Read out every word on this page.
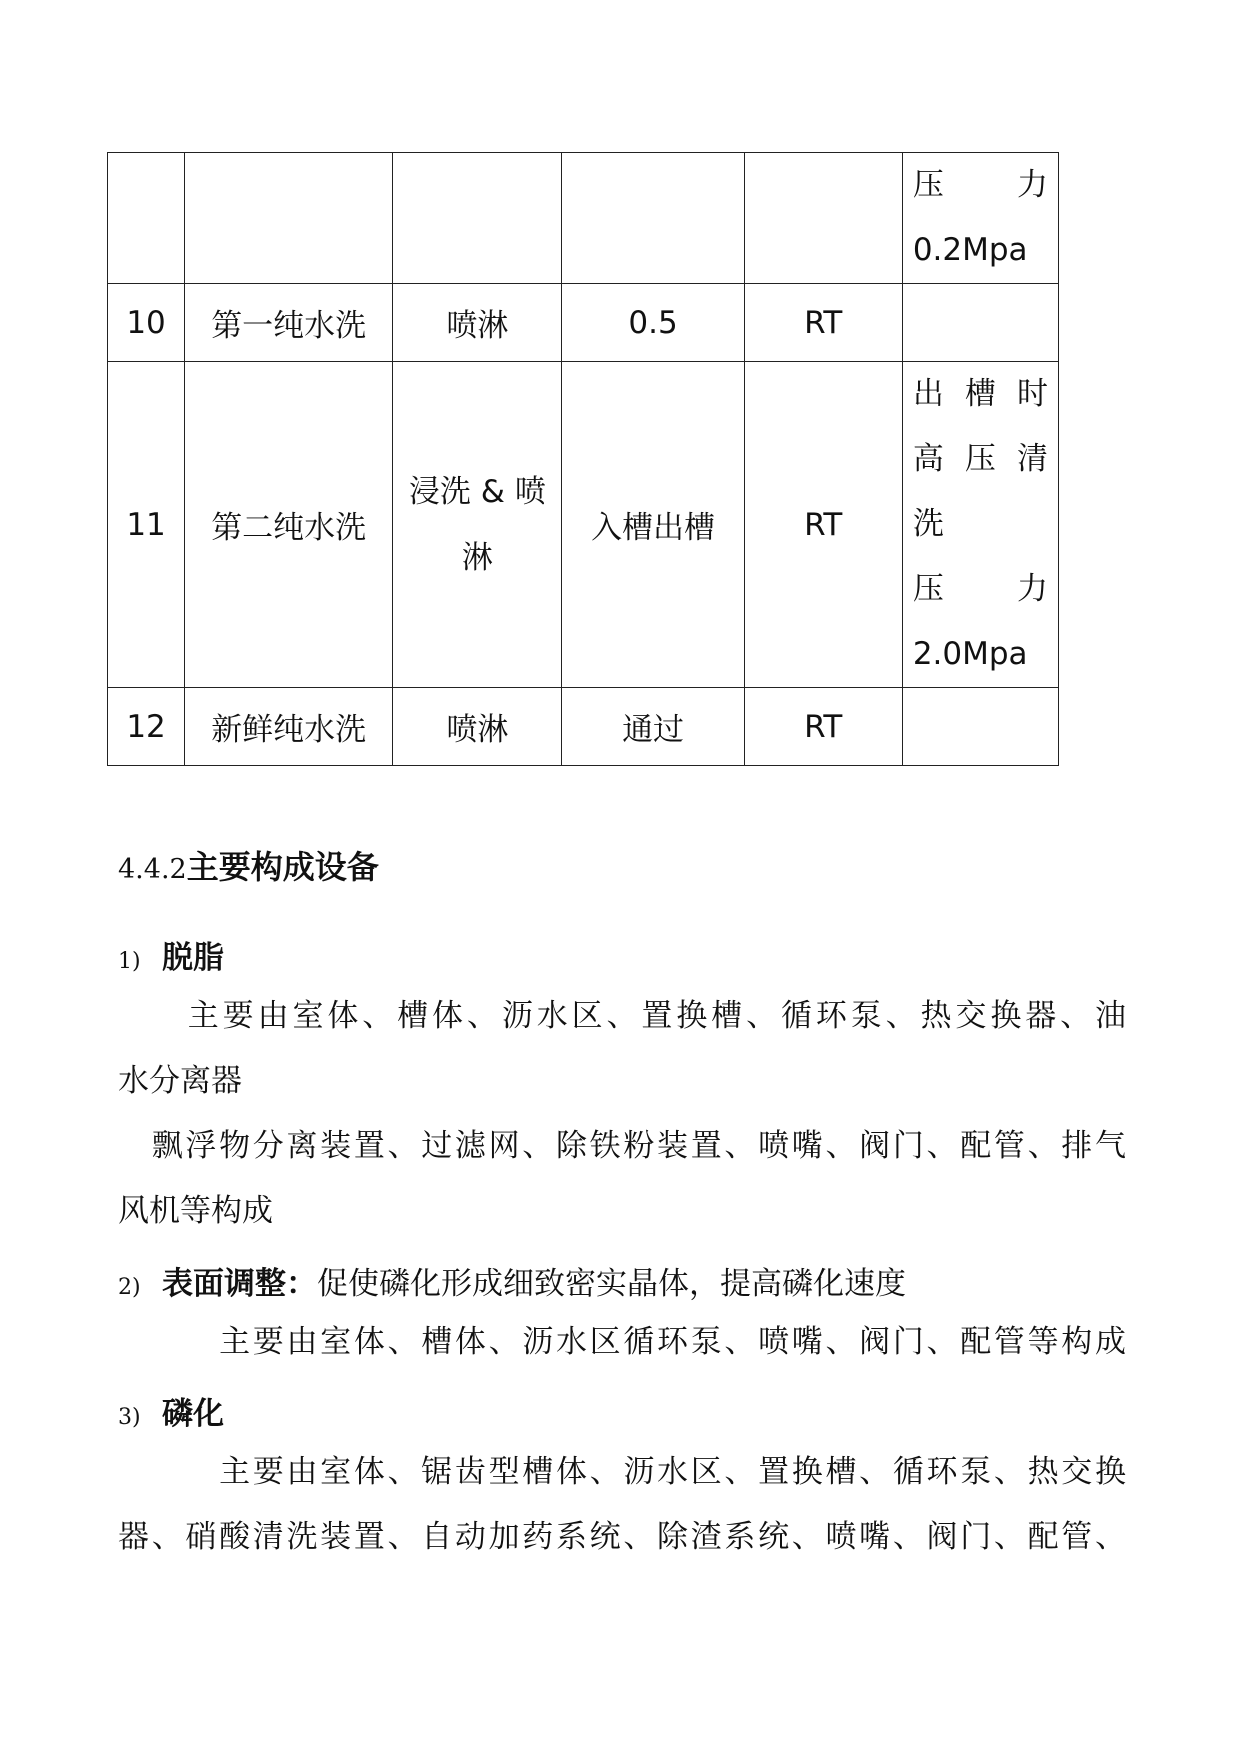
					压　　力
0.2Mpa

10	第一纯水洗	喷淋	0.5	RT	
11	第二纯水洗	浸洗 & 喷淋	入槽出槽	RT	出槽时
高压清
洗
压　　力
2.0Mpa

12	新鲜纯水洗	喷淋	通过	RT	
4.4.2主要构成设备
1) 脱脂
　　主要由室体、槽体、沥水区、置换槽、循环泵、热交换器、油
水分离器
　飘浮物分离装置、过滤网、除铁粉装置、喷嘴、阀门、配管、排气
风机等构成
2) 表面调整：促使磷化形成细致密实晶体，提高磷化速度
　　　主要由室体、槽体、沥水区循环泵、喷嘴、阀门、配管等构成
3) 磷化
　　　主要由室体、锯齿型槽体、沥水区、置换槽、循环泵、热交换
器、硝酸清洗装置、自动加药系统、除渣系统、喷嘴、阀门、配管、
